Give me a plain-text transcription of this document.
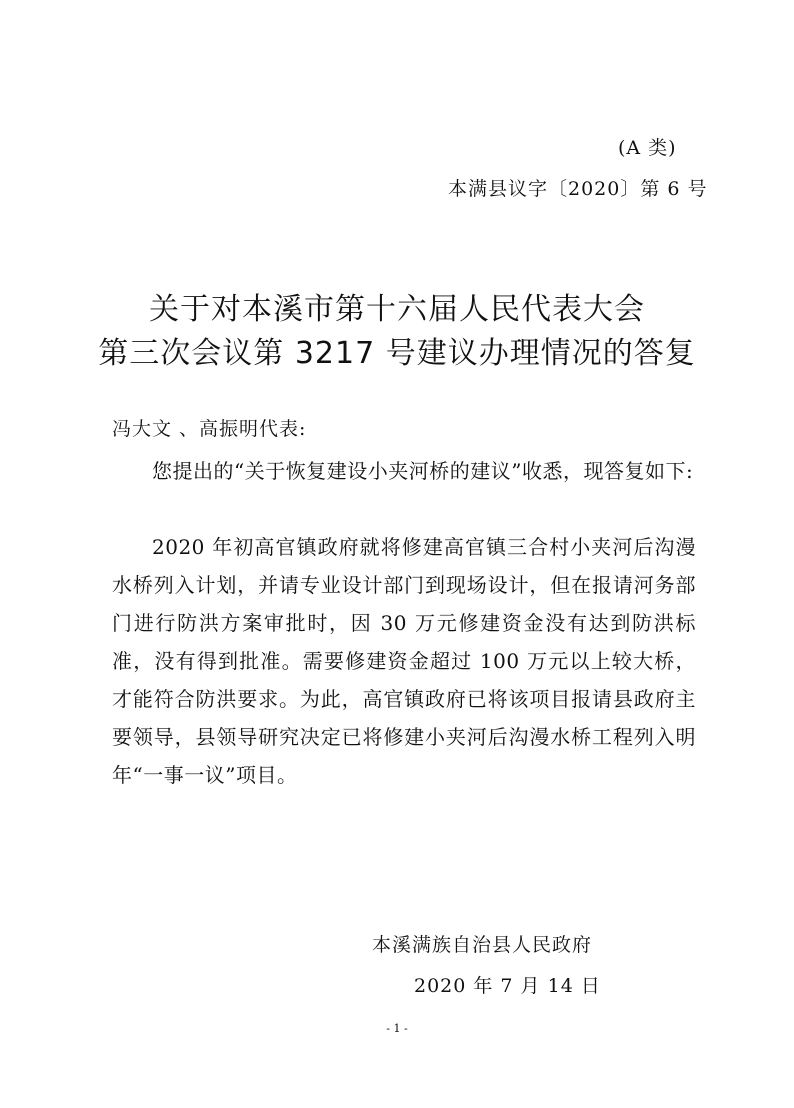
(A 类)
本满县议字〔2020〕第 6 号
关于对本溪市第十六届人民代表大会
第三次会议第 3217 号建议办理情况的答复
冯大文 、高振明代表:
您提出的“关于恢复建设小夹河桥的建议”收悉，现答复如下:
2020 年初高官镇政府就将修建高官镇三合村小夹河后沟漫水桥列入计划，并请专业设计部门到现场设计，但在报请河务部门进行防洪方案审批时，因 30 万元修建资金没有达到防洪标准，没有得到批准。需要修建资金超过 100 万元以上较大桥，才能符合防洪要求。为此，高官镇政府已将该项目报请县政府主要领导，县领导研究决定已将修建小夹河后沟漫水桥工程列入明年“一事一议”项目。
本溪满族自治县人民政府
2020 年 7 月 14 日
- 1 -
